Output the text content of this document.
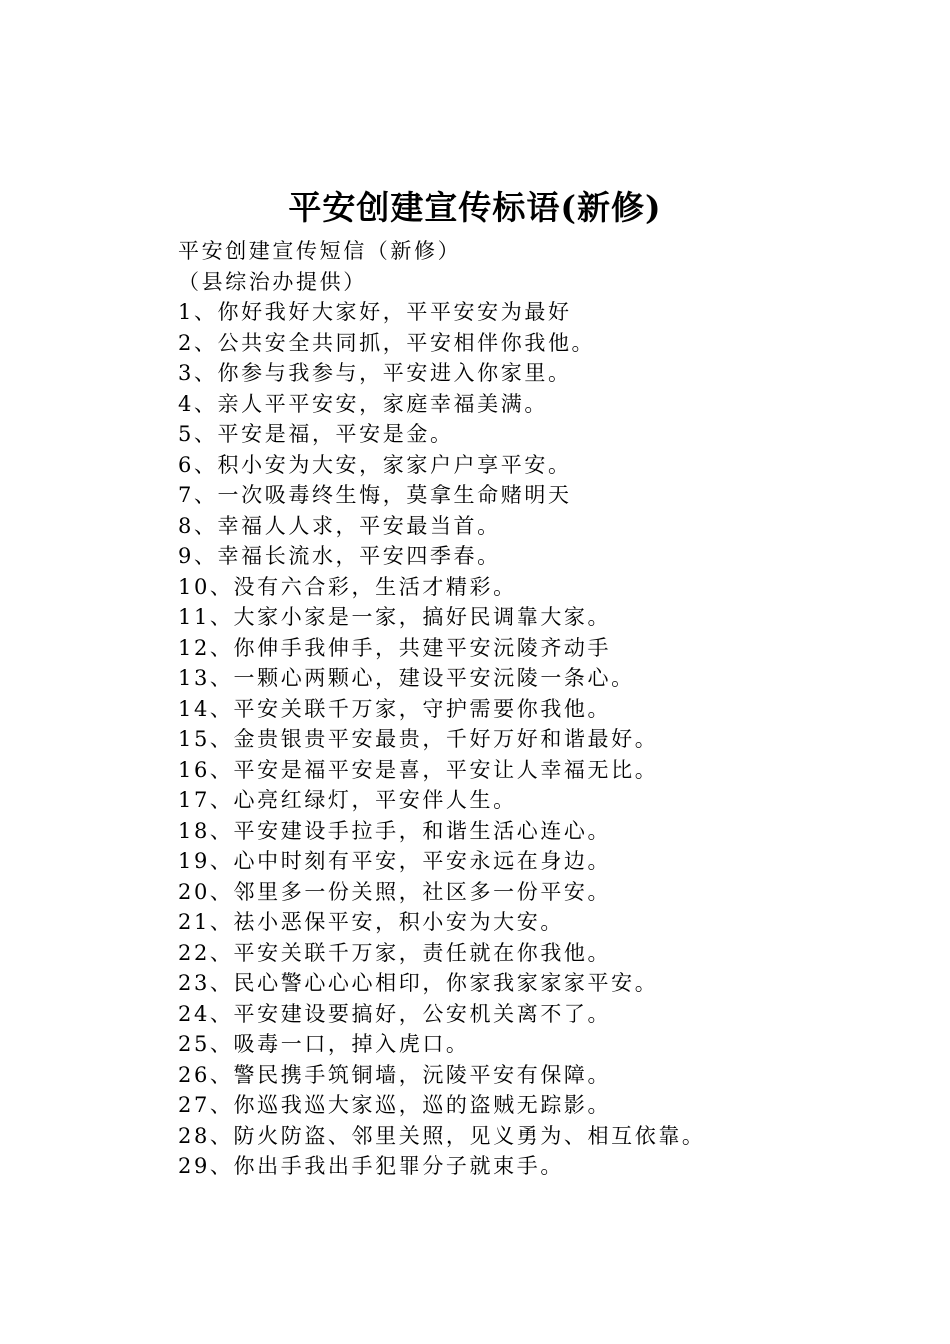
平安创建宣传标语(新修)
平安创建宣传短信（新修）
（县综治办提供）
1、你好我好大家好，平平安安为最好
2、公共安全共同抓，平安相伴你我他。
3、你参与我参与，平安进入你家里。
4、亲人平平安安，家庭幸福美满。
5、平安是福，平安是金。
6、积小安为大安，家家户户享平安。
7、一次吸毒终生悔，莫拿生命赌明天
8、幸福人人求，平安最当首。
9、幸福长流水，平安四季春。
10、没有六合彩，生活才精彩。
11、大家小家是一家，搞好民调靠大家。
12、你伸手我伸手，共建平安沅陵齐动手
13、一颗心两颗心，建设平安沅陵一条心。
14、平安关联千万家，守护需要你我他。
15、金贵银贵平安最贵，千好万好和谐最好。
16、平安是福平安是喜，平安让人幸福无比。
17、心亮红绿灯，平安伴人生。
18、平安建设手拉手，和谐生活心连心。
19、心中时刻有平安，平安永远在身边。
20、邻里多一份关照，社区多一份平安。
21、祛小恶保平安，积小安为大安。
22、平安关联千万家，责任就在你我他。
23、民心警心心心相印，你家我家家家平安。
24、平安建设要搞好，公安机关离不了。
25、吸毒一口，掉入虎口。
26、警民携手筑铜墙，沅陵平安有保障。
27、你巡我巡大家巡，巡的盗贼无踪影。
28、防火防盗、邻里关照，见义勇为、相互依靠。
29、你出手我出手犯罪分子就束手。
